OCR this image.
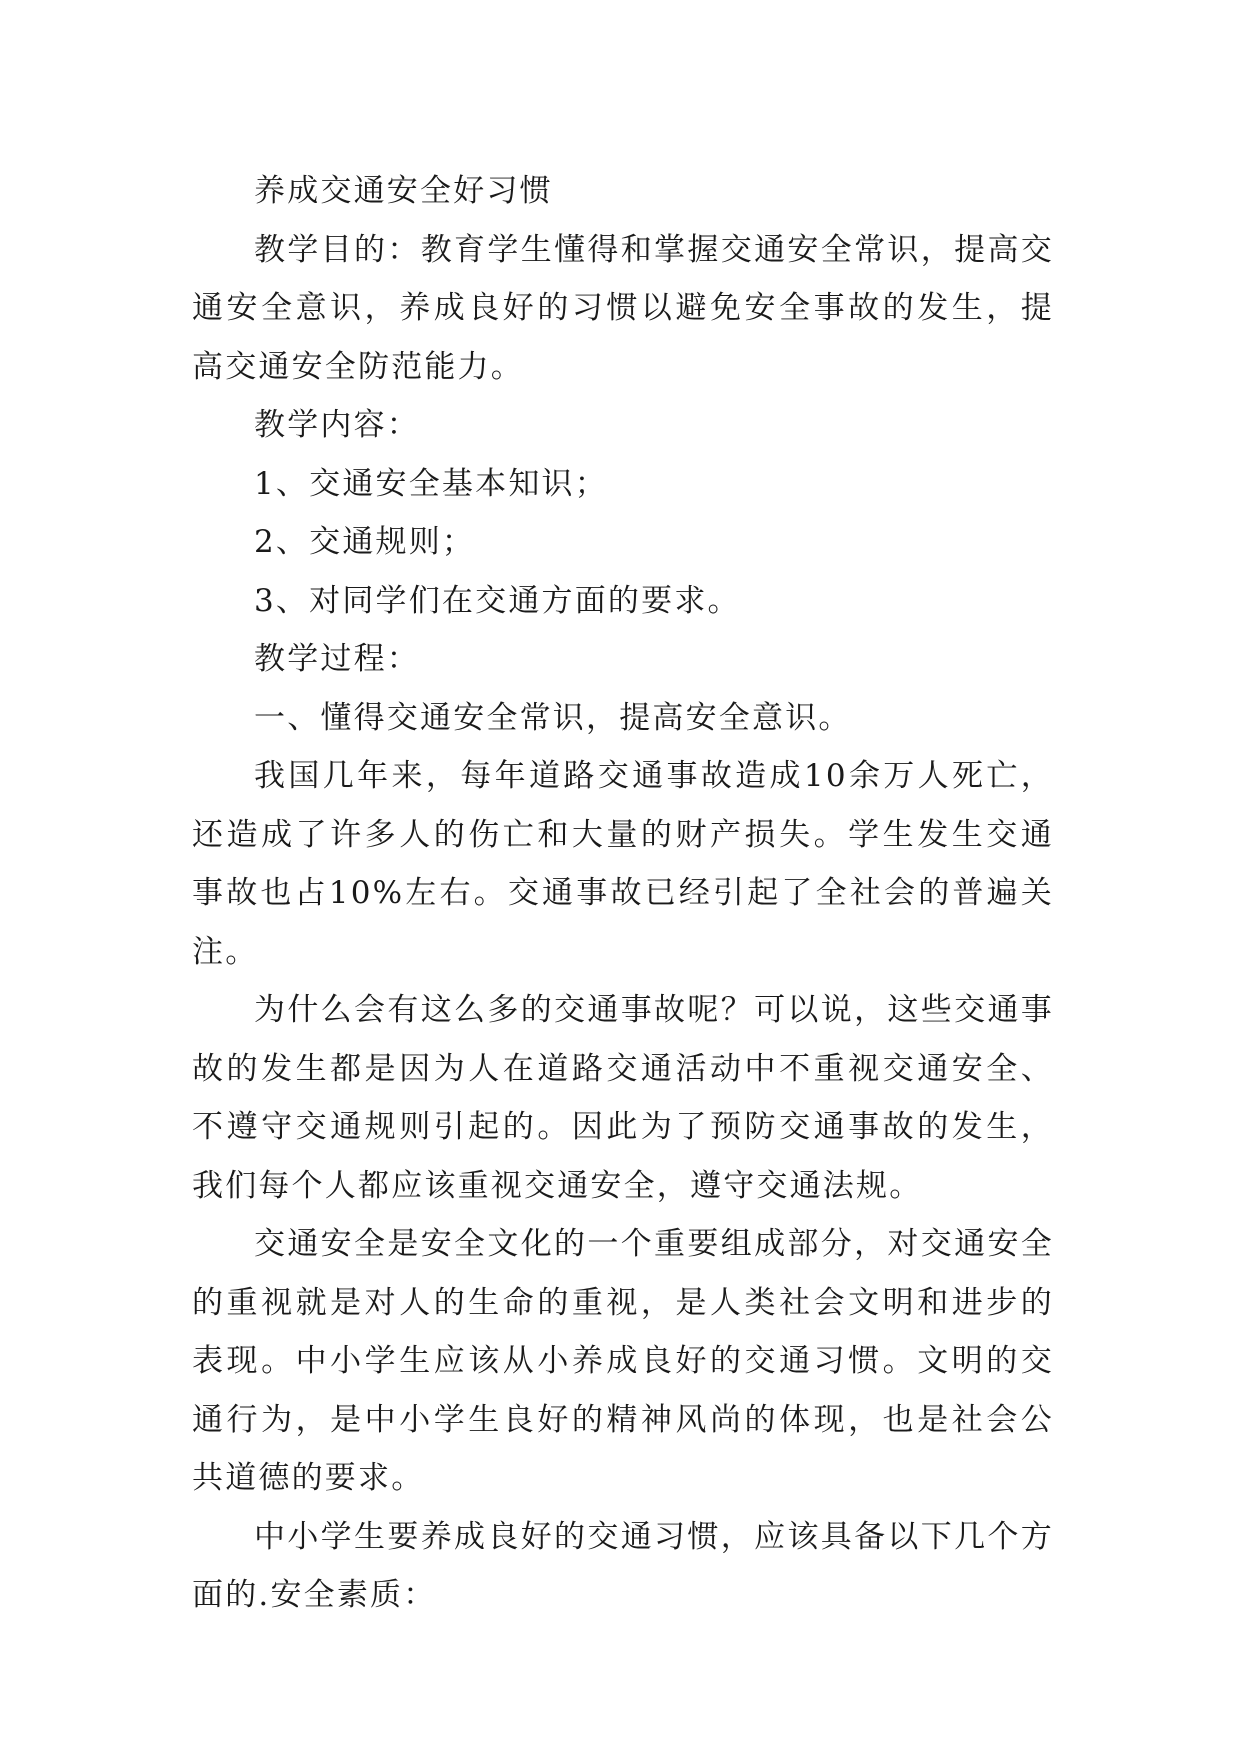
养成交通安全好习惯

教学目的：教育学生懂得和掌握交通安全常识，提高交通安全意识，养成良好的习惯以避免安全事故的发生，提高交通安全防范能力。

教学内容：

1、交通安全基本知识；

2、交通规则；

3、对同学们在交通方面的要求。

教学过程：

一、懂得交通安全常识，提高安全意识。

我国几年来，每年道路交通事故造成10余万人死亡，还造成了许多人的伤亡和大量的财产损失。学生发生交通事故也占10%左右。交通事故已经引起了全社会的普遍关注。

为什么会有这么多的交通事故呢？可以说，这些交通事故的发生都是因为人在道路交通活动中不重视交通安全、不遵守交通规则引起的。因此为了预防交通事故的发生，我们每个人都应该重视交通安全，遵守交通法规。

交通安全是安全文化的一个重要组成部分，对交通安全的重视就是对人的生命的重视，是人类社会文明和进步的表现。中小学生应该从小养成良好的交通习惯。文明的交通行为，是中小学生良好的精神风尚的体现，也是社会公共道德的要求。

中小学生要养成良好的交通习惯，应该具备以下几个方面的.安全素质：
